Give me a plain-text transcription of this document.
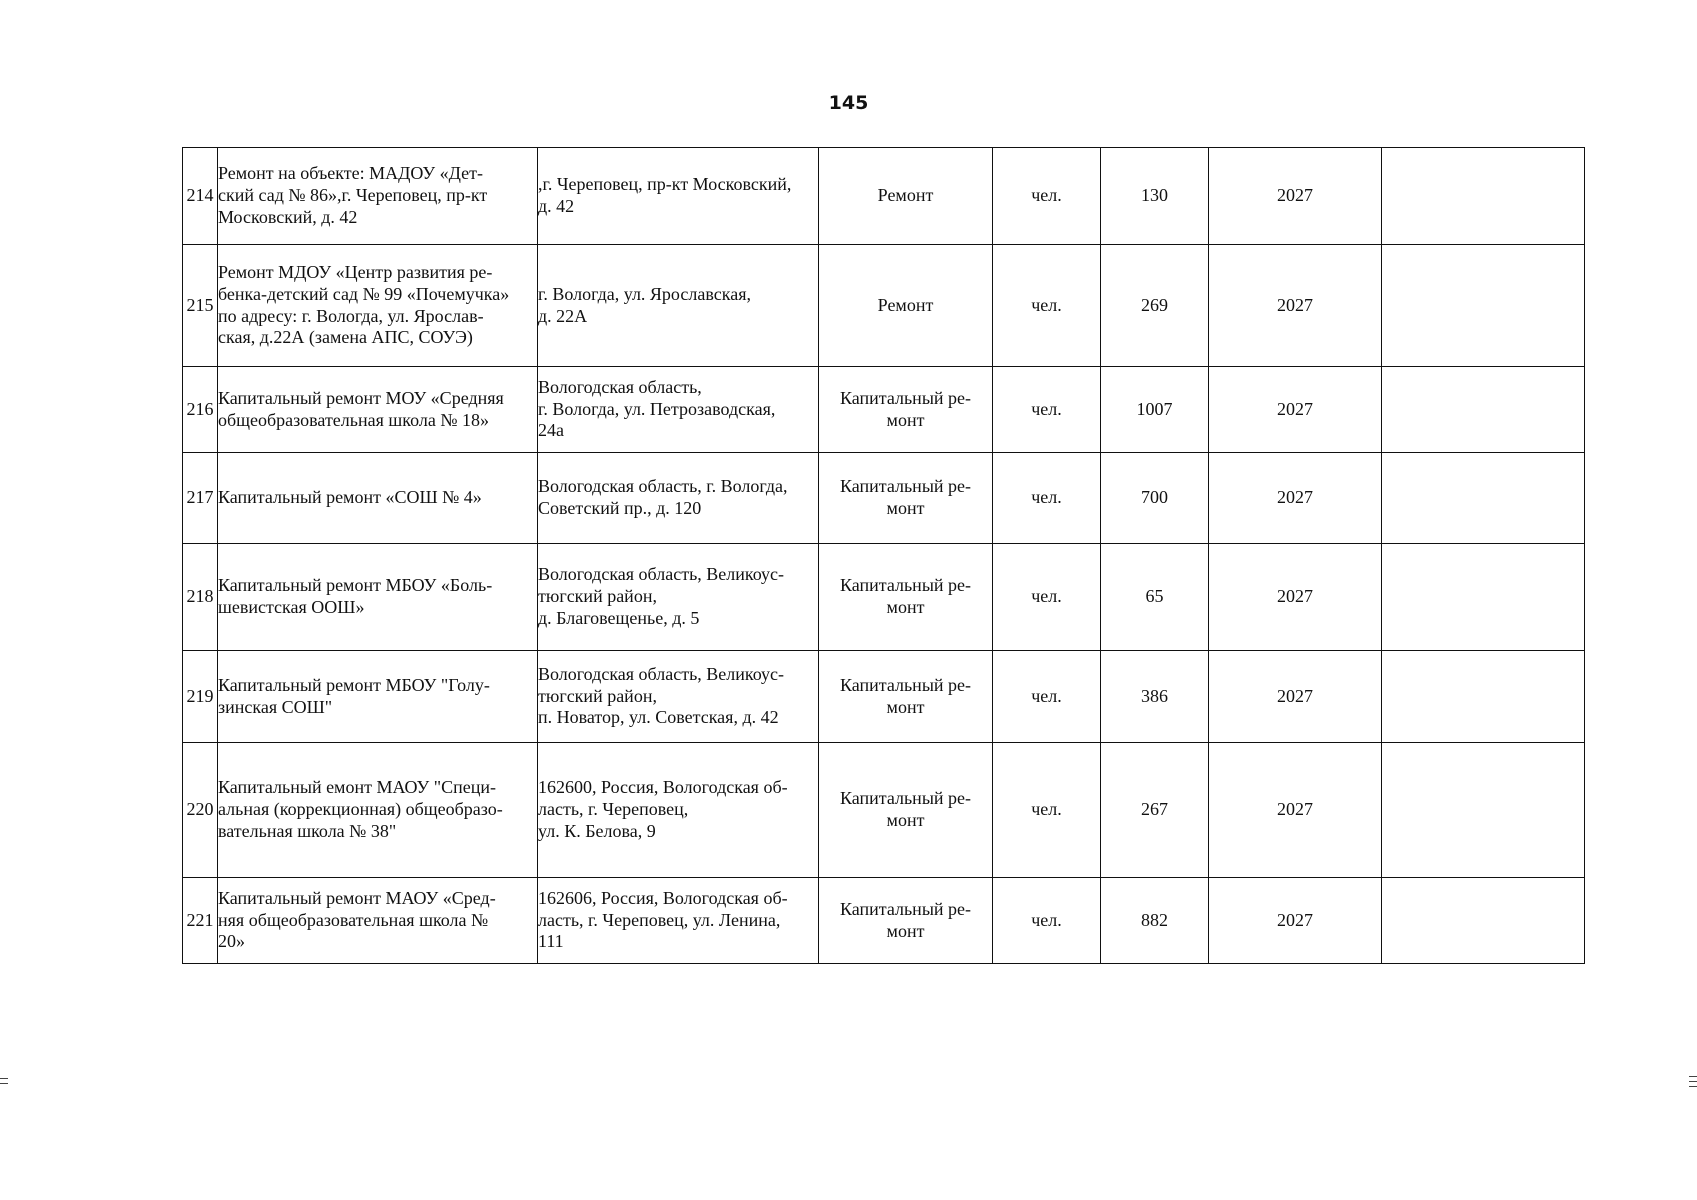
145
214	Ремонт на объекте: МАДОУ «Дет-
ский сад № 86»,г. Череповец, пр-кт
Московский, д. 42	,г. Череповец, пр-кт Московский,
д. 42	Ремонт	чел.	130	2027	
215	Ремонт МДОУ «Центр развития ре-
бенка-детский сад № 99 «Почемучка»
по адресу: г. Вологда, ул. Ярослав-
ская, д.22А (замена АПС, СОУЭ)	г. Вологда, ул. Ярославская,
д. 22А	Ремонт	чел.	269	2027	
216	Капитальный ремонт МОУ «Средняя
общеобразовательная школа № 18»	Вологодская область,
г. Вологда, ул. Петрозаводская,
24а	Капитальный ре-
монт	чел.	1007	2027	
217	Капитальный ремонт «СОШ № 4»	Вологодская область, г. Вологда,
Советский пр., д. 120	Капитальный ре-
монт	чел.	700	2027	
218	Капитальный ремонт МБОУ «Боль-
шевистская ООШ»	Вологодская область, Великоус-
тюгский район,
д. Благовещенье, д. 5	Капитальный ре-
монт	чел.	65	2027	
219	Капитальный ремонт МБОУ "Голу-
зинская СОШ"	Вологодская область, Великоус-
тюгский район,
п. Новатор, ул. Советская, д. 42	Капитальный ре-
монт	чел.	386	2027	
220	Капитальный емонт МАОУ "Специ-
альная (коррекционная) общеобразо-
вательная школа № 38"	162600, Россия, Вологодская об-
ласть, г. Череповец,
ул. К. Белова, 9	Капитальный ре-
монт	чел.	267	2027	
221	Капитальный ремонт МАОУ «Сред-
няя общеобразовательная школа №
20»	162606, Россия, Вологодская об-
ласть, г. Череповец, ул. Ленина,
111	Капитальный ре-
монт	чел.	882	2027	
